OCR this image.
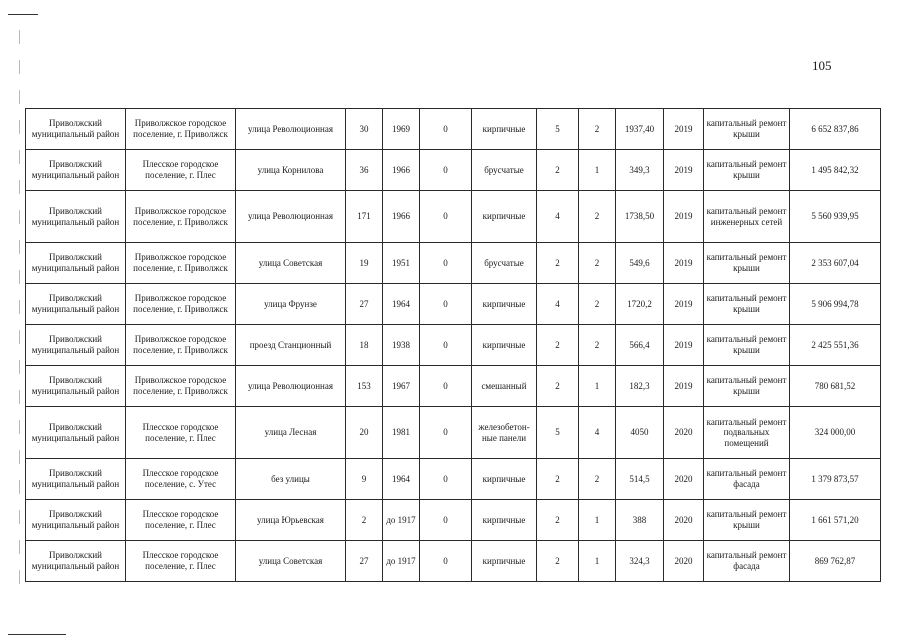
105
Приволжский муниципальный район	Приволжское городское поселение, г. Приволжск	улица Революционная	30	1969	0	кирпичные	5	2	1937,40	2019	капитальный ремонт крыши	6 652 837,86
Приволжский муниципальный район	Плесское городское поселение, г. Плес	улица Корнилова	36	1966	0	брусчатые	2	1	349,3	2019	капитальный ремонт крыши	1 495 842,32
Приволжский муниципальный район	Приволжское городское поселение, г. Приволжск	улица Революционная	171	1966	0	кирпичные	4	2	1738,50	2019	капитальный ремонт инженерных сетей	5 560 939,95
Приволжский муниципальный район	Приволжское городское поселение, г. Приволжск	улица Советская	19	1951	0	брусчатые	2	2	549,6	2019	капитальный ремонт крыши	2 353 607,04
Приволжский муниципальный район	Приволжское городское поселение, г. Приволжск	улица Фрунзе	27	1964	0	кирпичные	4	2	1720,2	2019	капитальный ремонт крыши	5 906 994,78
Приволжский муниципальный район	Приволжское городское поселение, г. Приволжск	проезд Станционный	18	1938	0	кирпичные	2	2	566,4	2019	капитальный ремонт крыши	2 425 551,36
Приволжский муниципальный район	Приволжское городское поселение, г. Приволжск	улица Революционная	153	1967	0	смешанный	2	1	182,3	2019	капитальный ремонт крыши	780 681,52
Приволжский муниципальный район	Плесское городское поселение, г. Плес	улица Лесная	20	1981	0	железобетон-ные панели	5	4	4050	2020	капитальный ремонт подвальных помещений	324 000,00
Приволжский муниципальный район	Плесское городское поселение, с. Утес	без улицы	9	1964	0	кирпичные	2	2	514,5	2020	капитальный ремонт фасада	1 379 873,57
Приволжский муниципальный район	Плесское городское поселение, г. Плес	улица Юрьевская	2	до 1917	0	кирпичные	2	1	388	2020	капитальный ремонт крыши	1 661 571,20
Приволжский муниципальный район	Плесское городское поселение, г. Плес	улица Советская	27	до 1917	0	кирпичные	2	1	324,3	2020	капитальный ремонт фасада	869 762,87
